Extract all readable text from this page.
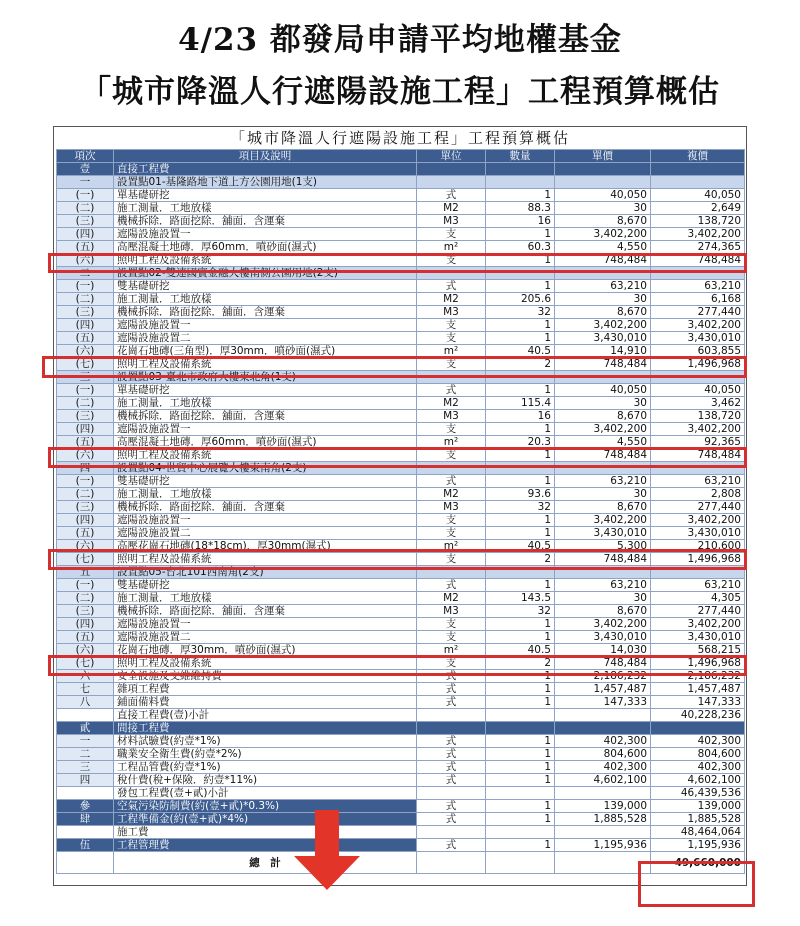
4/23 都發局申請平均地權基金
「城市降溫人行遮陽設施工程」工程預算概估
「城市降溫人行遮陽設施工程」工程預算概估
項次	項目及說明	單位	數量	單價	複價
壹	直接工程費				
一	設置點01-基隆路地下道上方公園用地(1支)				
(一)	單基礎研挖	式	1	40,050	40,050
(二)	施工測量．工地放樣	M2	88.3	30	2,649
(三)	機械拆除．路面挖除．舖面．含運棄	M3	16	8,670	138,720
(四)	遮陽設施設置一	支	1	3,402,200	3,402,200
(五)	高壓混凝土地磚．厚60mm．噴砂面(濕式)	m²	60.3	4,550	274,365
(六)	照明工程及設備系統	支	1	748,484	748,484
二	設置點02-雙連國賓金融大樓南側公園用地(2支)				
(一)	雙基礎研挖	式	1	63,210	63,210
(二)	施工測量．工地放樣	M2	205.6	30	6,168
(三)	機械拆除．路面挖除．舖面．含運棄	M3	32	8,670	277,440
(四)	遮陽設施設置一	支	1	3,402,200	3,402,200
(五)	遮陽設施設置二	支	1	3,430,010	3,430,010
(六)	花崗石地磚(三角型)．厚30mm．噴砂面(濕式)	m²	40.5	14,910	603,855
(七)	照明工程及設備系統	支	2	748,484	1,496,968
三	設置點03-臺北市政府大樓東北角(1支)				
(一)	單基礎研挖	式	1	40,050	40,050
(二)	施工測量．工地放樣	M2	115.4	30	3,462
(三)	機械拆除．路面挖除．舖面．含運棄	M3	16	8,670	138,720
(四)	遮陽設施設置一	支	1	3,402,200	3,402,200
(五)	高壓混凝土地磚．厚60mm．噴砂面(濕式)	m²	20.3	4,550	92,365
(六)	照明工程及設備系統	支	1	748,484	748,484
四	設置點04-世貿中心展覽大樓東南角(2支)				
(一)	雙基礎研挖	式	1	63,210	63,210
(二)	施工測量．工地放樣	M2	93.6	30	2,808
(三)	機械拆除．路面挖除．舖面．含運棄	M3	32	8,670	277,440
(四)	遮陽設施設置一	支	1	3,402,200	3,402,200
(五)	遮陽設施設置二	支	1	3,430,010	3,430,010
(六)	高壓花崗石地磚(18*18cm)．厚30mm(濕式)	m²	40.5	5,300	210,600
(七)	照明工程及設備系統	支	2	748,484	1,496,968
五	設置點05-台北101西南角(2支)				
(一)	雙基礎研挖	式	1	63,210	63,210
(二)	施工測量．工地放樣	M2	143.5	30	4,305
(三)	機械拆除．路面挖除．舖面．含運棄	M3	32	8,670	277,440
(四)	遮陽設施設置一	支	1	3,402,200	3,402,200
(五)	遮陽設施設置二	支	1	3,430,010	3,430,010
(六)	花崗石地磚．厚30mm．噴砂面(濕式)	m²	40.5	14,030	568,215
(七)	照明工程及設備系統	支	2	748,484	1,496,968
六	安全設施及交維維持費	式	1	2,186,232	2,186,232
七	雜項工程費	式	1	1,457,487	1,457,487
八	鋪面備料費	式	1	147,333	147,333
	直接工程費(壹)小計				40,228,236
貳	間接工程費				
一	材料試驗費(約壹*1%)	式	1	402,300	402,300
二	職業安全衛生費(約壹*2%)	式	1	804,600	804,600
三	工程品管費(約壹*1%)	式	1	402,300	402,300
四	稅什費(稅+保險．約壹*11%)	式	1	4,602,100	4,602,100
	發包工程費(壹+貳)小計				46,439,536
參	空氣污染防制費(約(壹+貳)*0.3%)	式	1	139,000	139,000
肆	工程準備金(約(壹+貳)*4%)	式	1	1,885,528	1,885,528
	施工費				48,464,064
伍	工程管理費	式	1	1,195,936	1,195,936
	總　計				49,660,000
